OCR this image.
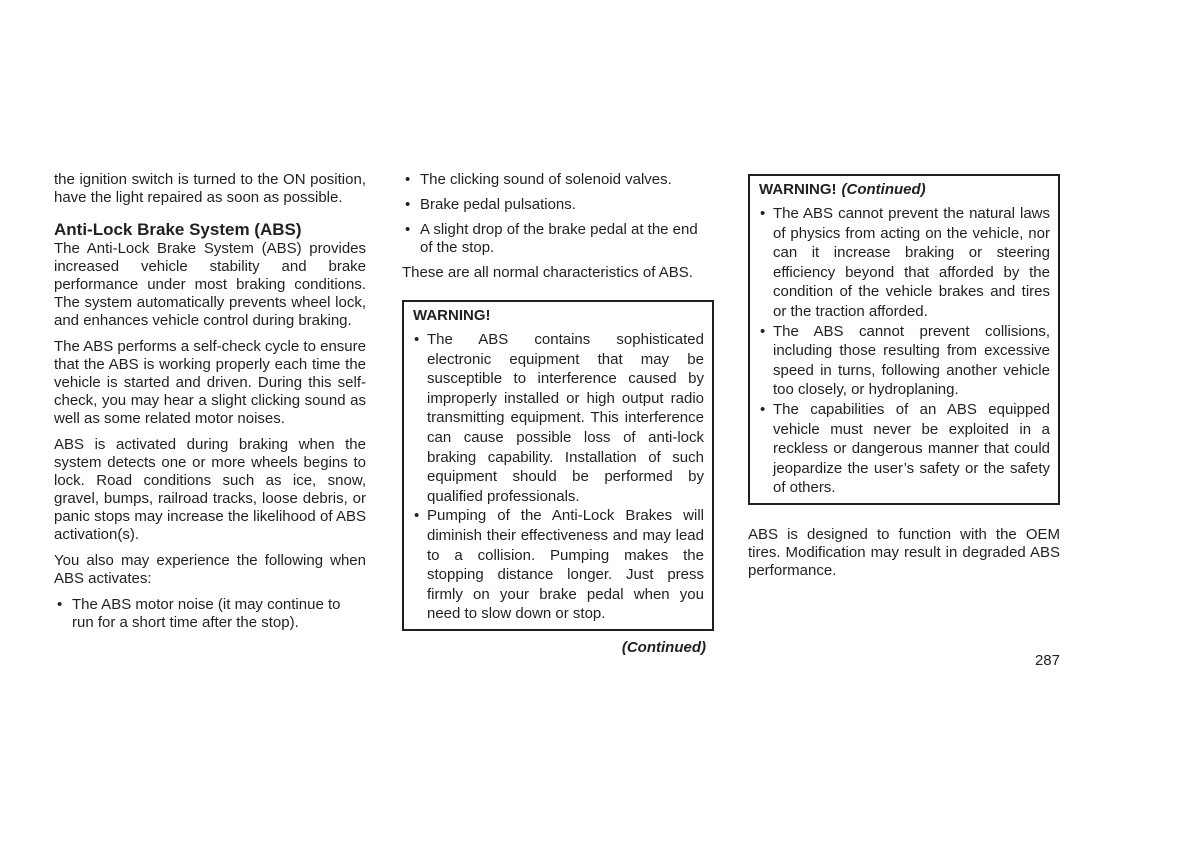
the ignition switch is turned to the ON position, have the light repaired as soon as possible.

Anti-Lock Brake System (ABS)

The Anti-Lock Brake System (ABS) provides increased vehicle stability and brake performance under most braking conditions. The system automatically prevents wheel lock, and enhances vehicle control during braking.

The ABS performs a self-check cycle to ensure that the ABS is working properly each time the vehicle is started and driven. During this self-check, you may hear a slight clicking sound as well as some related motor noises.

ABS is activated during braking when the system detects one or more wheels begins to lock. Road conditions such as ice, snow, gravel, bumps, railroad tracks, loose debris, or panic stops may increase the likelihood of ABS activation(s).

You also may experience the following when ABS activates:

• The ABS motor noise (it may continue to run for a short time after the stop).
• The clicking sound of solenoid valves.
• Brake pedal pulsations.
• A slight drop of the brake pedal at the end of the stop.

These are all normal characteristics of ABS.

WARNING!
• The ABS contains sophisticated electronic equipment that may be susceptible to interference caused by improperly installed or high output radio transmitting equipment. This interference can cause possible loss of anti-lock braking capability. Installation of such equipment should be performed by qualified professionals.
• Pumping of the Anti-Lock Brakes will diminish their effectiveness and may lead to a collision. Pumping makes the stopping distance longer. Just press firmly on your brake pedal when you need to slow down or stop.
(Continued)
WARNING! (Continued)
• The ABS cannot prevent the natural laws of physics from acting on the vehicle, nor can it increase braking or steering efficiency beyond that afforded by the condition of the vehicle brakes and tires or the traction afforded.
• The ABS cannot prevent collisions, including those resulting from excessive speed in turns, following another vehicle too closely, or hydroplaning.
• The capabilities of an ABS equipped vehicle must never be exploited in a reckless or dangerous manner that could jeopardize the user’s safety or the safety of others.

ABS is designed to function with the OEM tires. Modification may result in degraded ABS performance.

287
